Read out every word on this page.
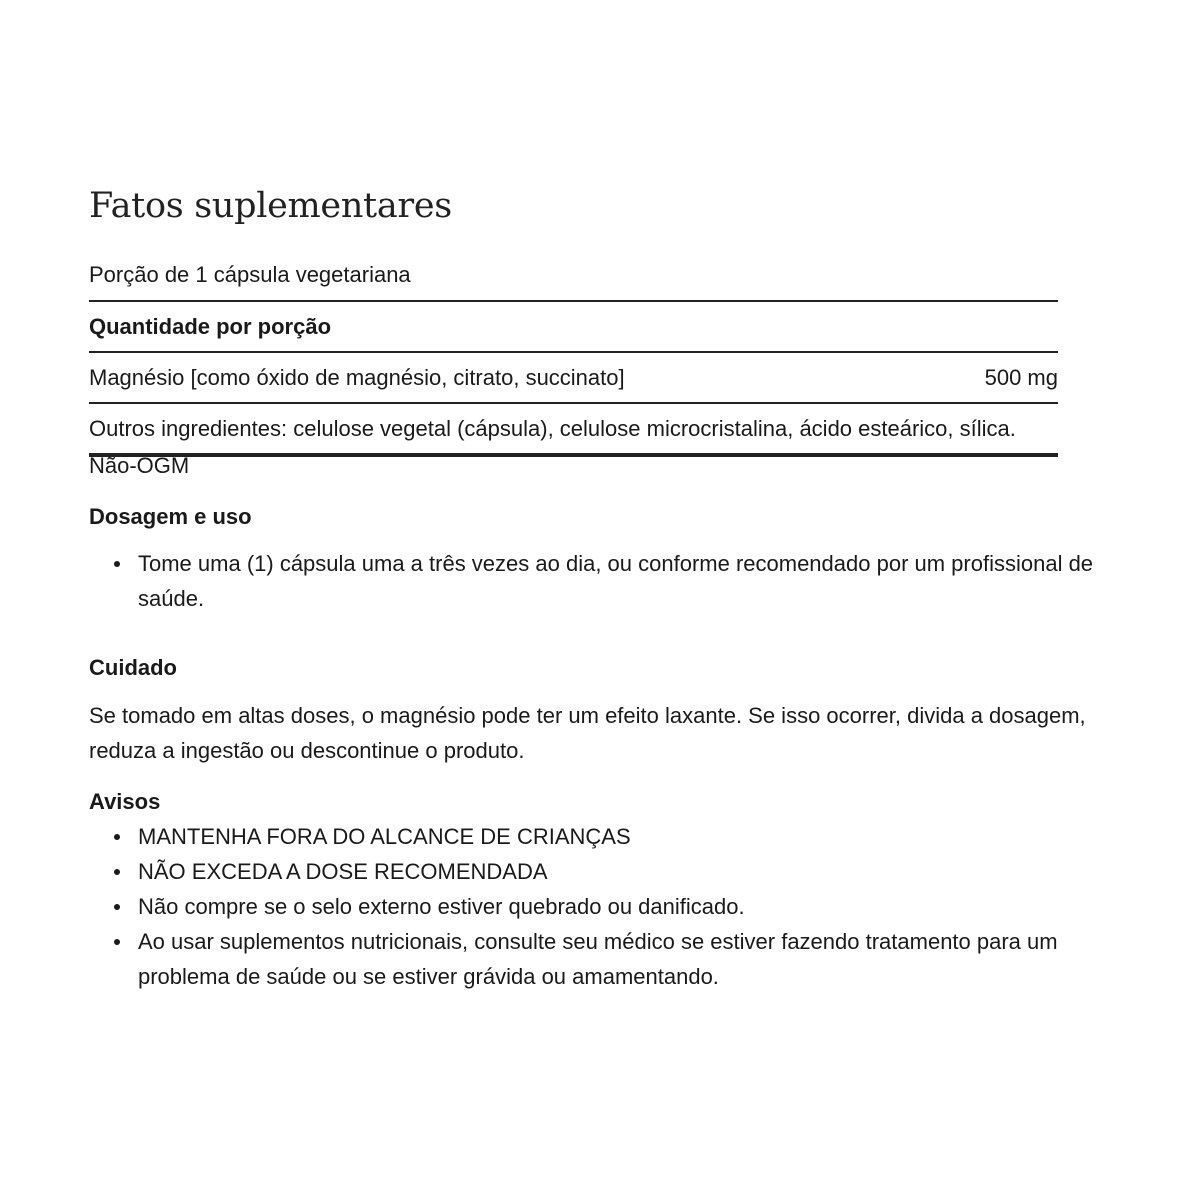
Fatos suplementares
Porção de 1 cápsula vegetariana
Quantidade por porção
Magnésio [como óxido de magnésio, citrato, succinato]	500 mg
Outros ingredientes: celulose vegetal (cápsula), celulose microcristalina, ácido esteárico, sílica.
Não-OGM
Dosagem e uso
Tome uma (1) cápsula uma a três vezes ao dia, ou conforme recomendado por um profissional de saúde.
Cuidado

Se tomado em altas doses, o magnésio pode ter um efeito laxante. Se isso ocorrer, divida a dosagem, reduza a ingestão ou descontinue o produto.

Avisos
MANTENHA FORA DO ALCANCE DE CRIANÇAS
NÃO EXCEDA A DOSE RECOMENDADA
Não compre se o selo externo estiver quebrado ou danificado.
Ao usar suplementos nutricionais, consulte seu médico se estiver fazendo tratamento para um problema de saúde ou se estiver grávida ou amamentando.
